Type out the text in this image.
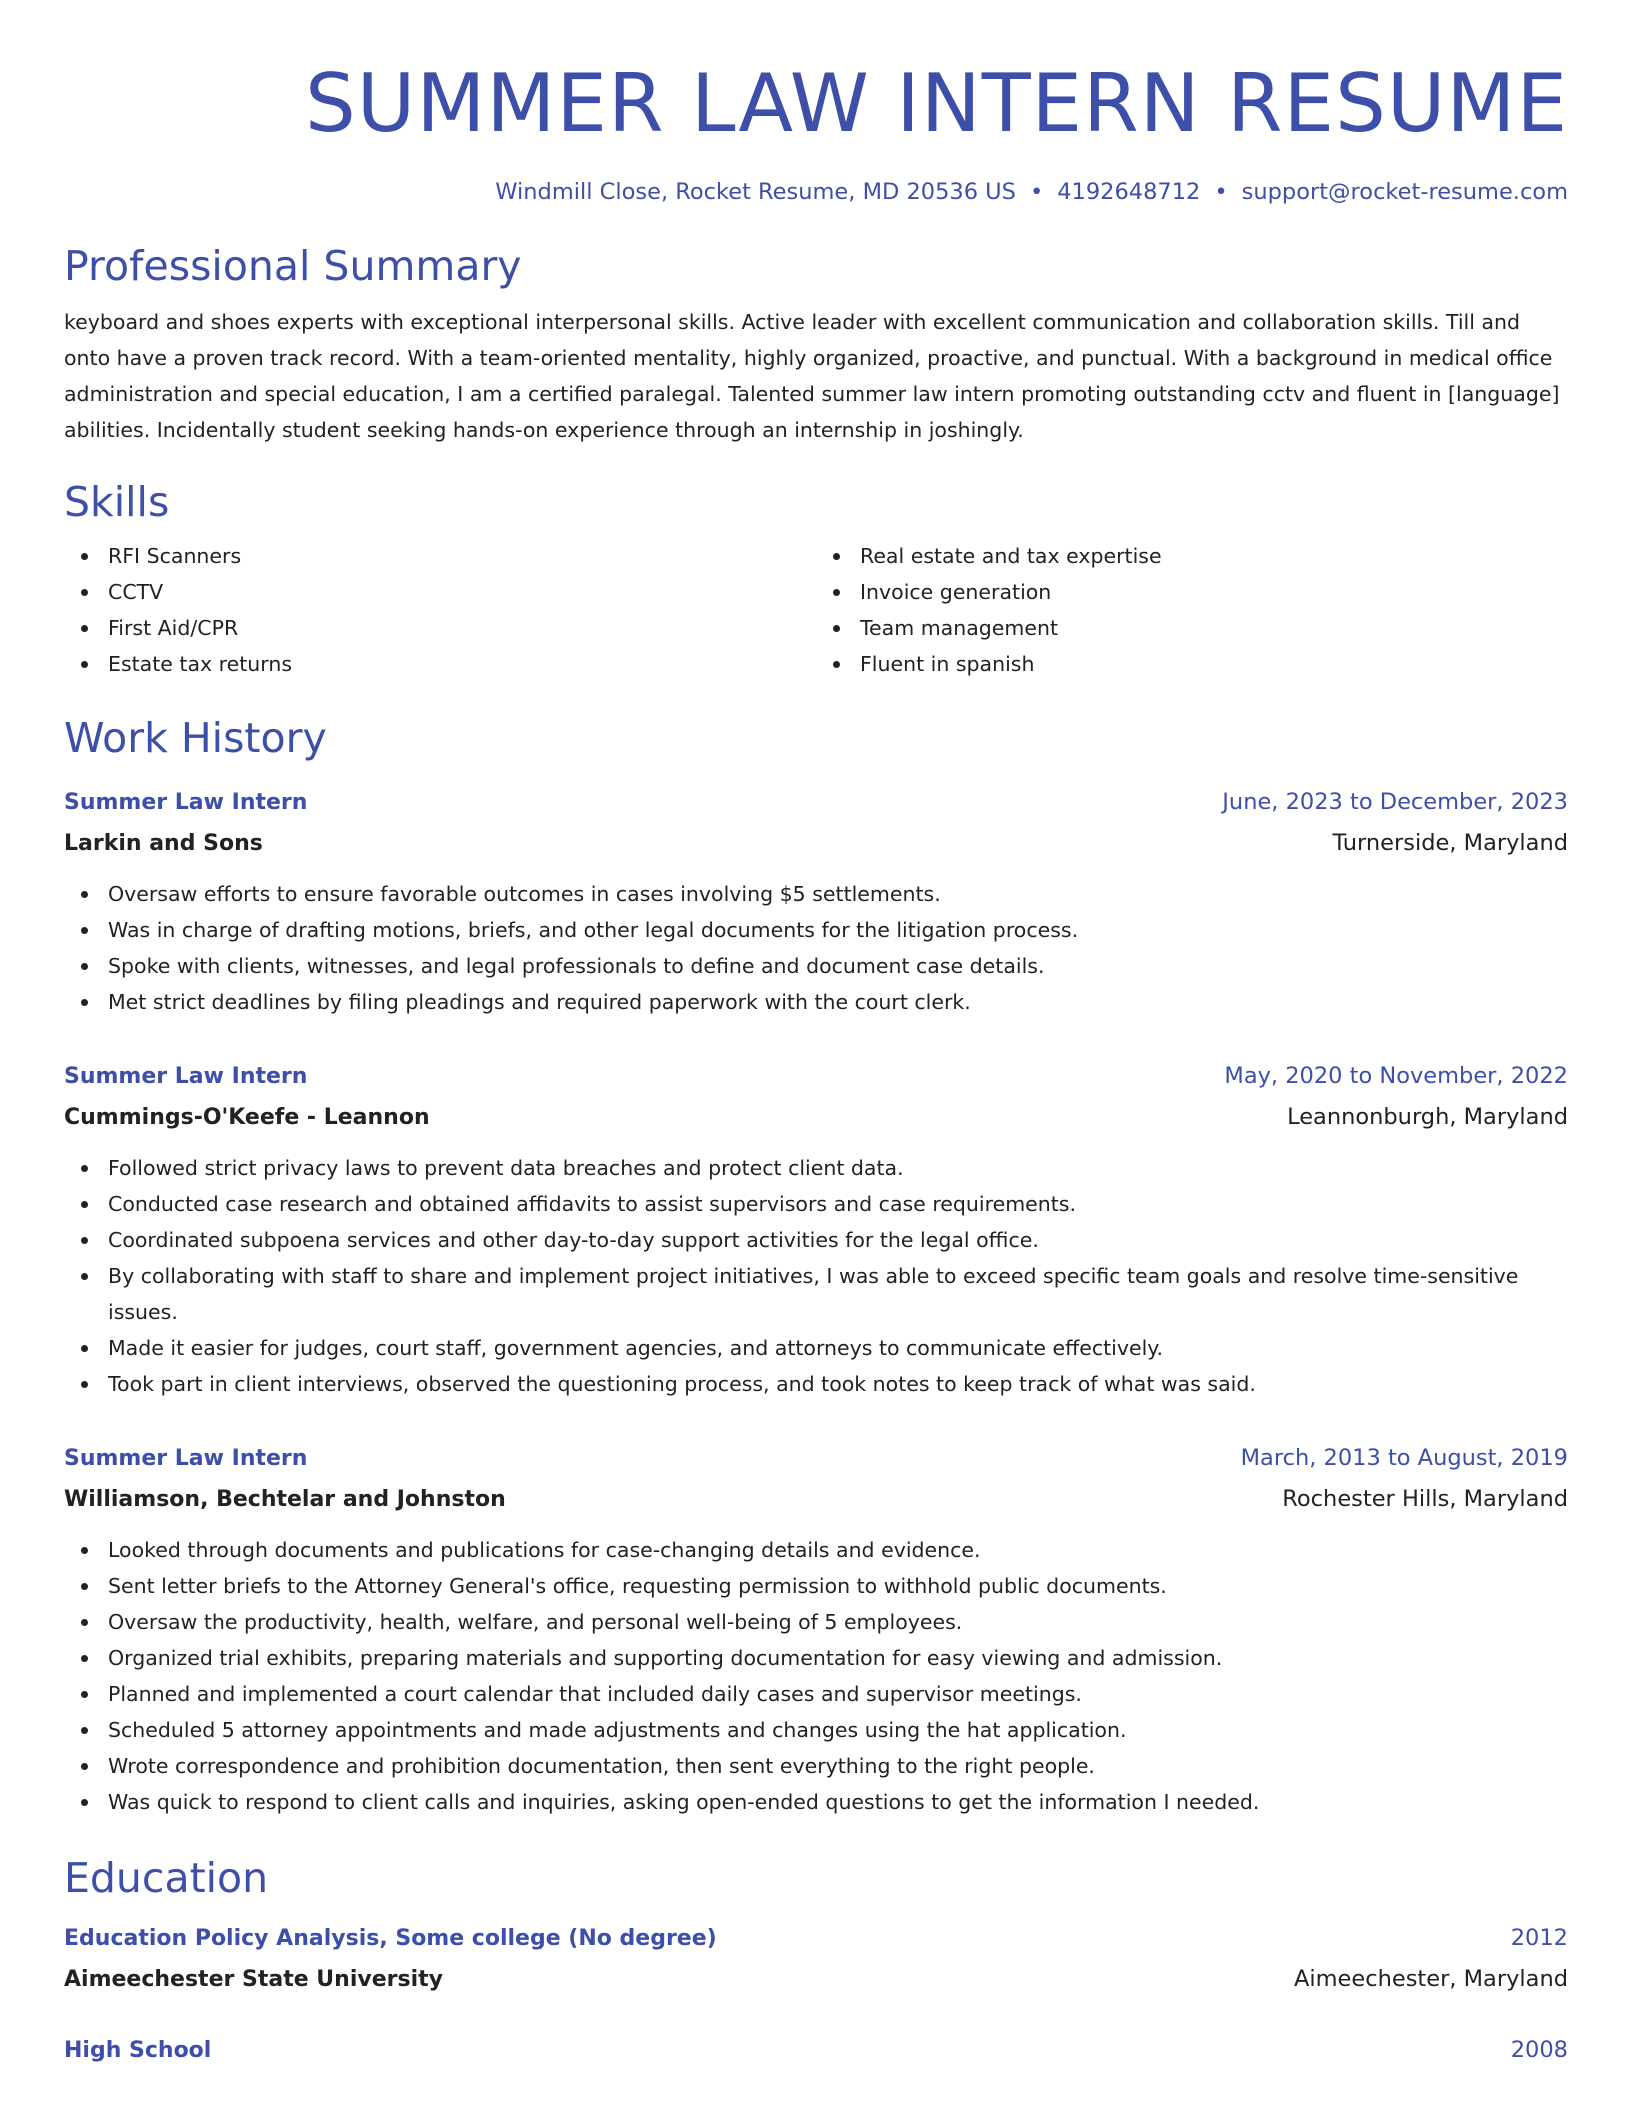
SUMMER LAW INTERN RESUME
Windmill Close, Rocket Resume, MD 20536 US • 4192648712 • support@rocket-resume.com
Professional Summary
keyboard and shoes experts with exceptional interpersonal skills. Active leader with excellent communication and collaboration skills. Till and onto have a proven track record. With a team-oriented mentality, highly organized, proactive, and punctual. With a background in medical office administration and special education, I am a certified paralegal. Talented summer law intern promoting outstanding cctv and fluent in [language] abilities. Incidentally student seeking hands-on experience through an internship in joshingly.
Skills
RFI Scanners
CCTV
First Aid/CPR
Estate tax returns
Real estate and tax expertise
Invoice generation
Team management
Fluent in spanish
Work History
Summer Law Intern	June, 2023 to December, 2023
Larkin and Sons	Turnerside, Maryland
Oversaw efforts to ensure favorable outcomes in cases involving $5 settlements.
Was in charge of drafting motions, briefs, and other legal documents for the litigation process.
Spoke with clients, witnesses, and legal professionals to define and document case details.
Met strict deadlines by filing pleadings and required paperwork with the court clerk.
Summer Law Intern	May, 2020 to November, 2022
Cummings-O'Keefe - Leannon	Leannonburgh, Maryland
Followed strict privacy laws to prevent data breaches and protect client data.
Conducted case research and obtained affidavits to assist supervisors and case requirements.
Coordinated subpoena services and other day-to-day support activities for the legal office.
By collaborating with staff to share and implement project initiatives, I was able to exceed specific team goals and resolve time-sensitive issues.
Made it easier for judges, court staff, government agencies, and attorneys to communicate effectively.
Took part in client interviews, observed the questioning process, and took notes to keep track of what was said.
Summer Law Intern	March, 2013 to August, 2019
Williamson, Bechtelar and Johnston	Rochester Hills, Maryland
Looked through documents and publications for case-changing details and evidence.
Sent letter briefs to the Attorney General's office, requesting permission to withhold public documents.
Oversaw the productivity, health, welfare, and personal well-being of 5 employees.
Organized trial exhibits, preparing materials and supporting documentation for easy viewing and admission.
Planned and implemented a court calendar that included daily cases and supervisor meetings.
Scheduled 5 attorney appointments and made adjustments and changes using the hat application.
Wrote correspondence and prohibition documentation, then sent everything to the right people.
Was quick to respond to client calls and inquiries, asking open-ended questions to get the information I needed.
Education
Education Policy Analysis, Some college (No degree)	2012
Aimeechester State University	Aimeechester, Maryland
High School	2008
